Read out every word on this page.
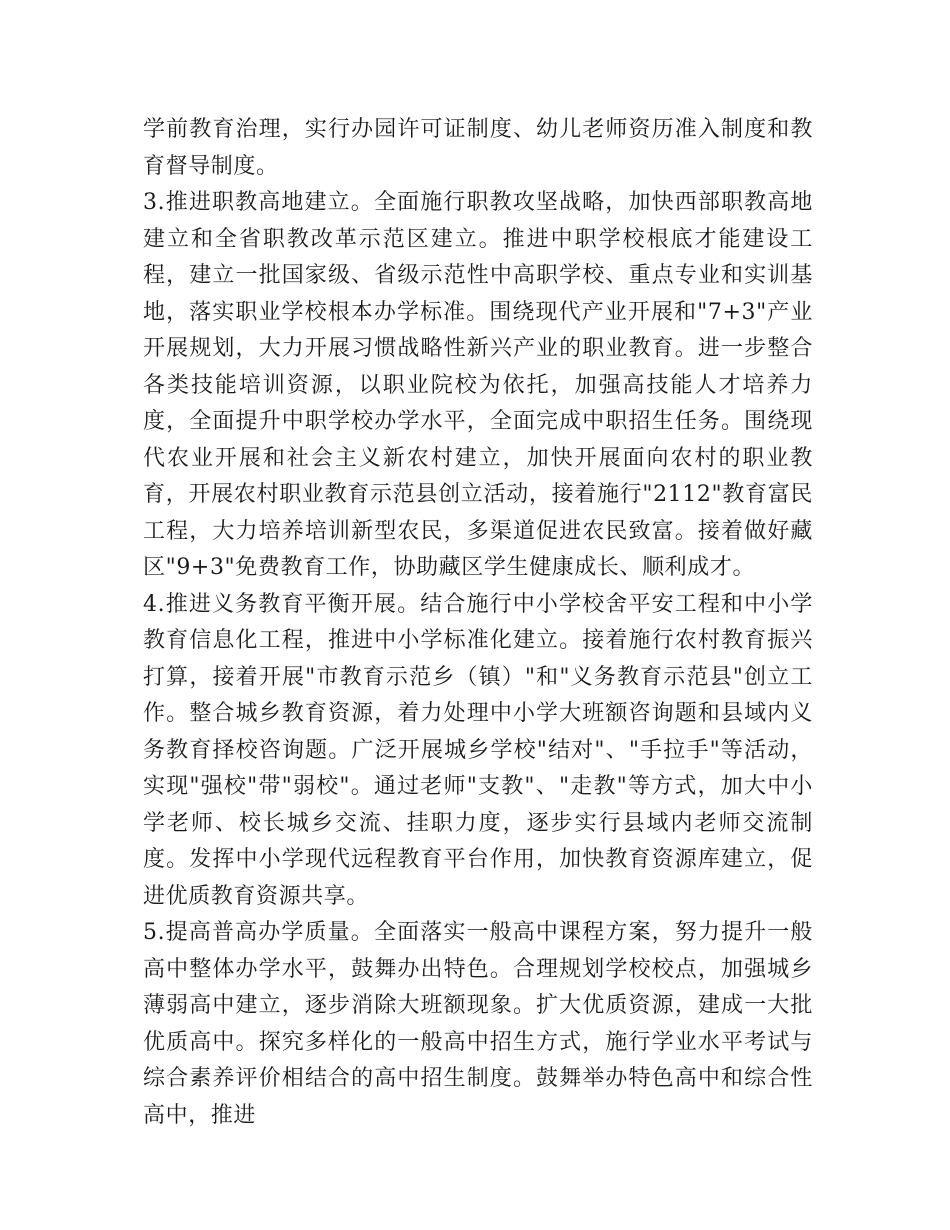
学前教育治理，实行办园许可证制度、幼儿老师资历准入制度和教育督导制度。

3.推进职教高地建立。全面施行职教攻坚战略，加快西部职教高地建立和全省职教改革示范区建立。推进中职学校根底才能建设工程，建立一批国家级、省级示范性中高职学校、重点专业和实训基地，落实职业学校根本办学标准。围绕现代产业开展和"7+3"产业开展规划，大力开展习惯战略性新兴产业的职业教育。进一步整合各类技能培训资源，以职业院校为依托，加强高技能人才培养力度，全面提升中职学校办学水平，全面完成中职招生任务。围绕现代农业开展和社会主义新农村建立，加快开展面向农村的职业教育，开展农村职业教育示范县创立活动，接着施行"2112"教育富民工程，大力培养培训新型农民，多渠道促进农民致富。接着做好藏区"9+3"免费教育工作，协助藏区学生健康成长、顺利成才。

4.推进义务教育平衡开展。结合施行中小学校舍平安工程和中小学教育信息化工程，推进中小学标准化建立。接着施行农村教育振兴打算，接着开展"市教育示范乡（镇）"和"义务教育示范县"创立工作。整合城乡教育资源，着力处理中小学大班额咨询题和县域内义务教育择校咨询题。广泛开展城乡学校"结对"、"手拉手"等活动，实现"强校"带"弱校"。通过老师"支教"、"走教"等方式，加大中小学老师、校长城乡交流、挂职力度，逐步实行县域内老师交流制度。发挥中小学现代远程教育平台作用，加快教育资源库建立，促进优质教育资源共享。

5.提高普高办学质量。全面落实一般高中课程方案，努力提升一般高中整体办学水平，鼓舞办出特色。合理规划学校校点，加强城乡薄弱高中建立，逐步消除大班额现象。扩大优质资源，建成一大批优质高中。探究多样化的一般高中招生方式，施行学业水平考试与综合素养评价相结合的高中招生制度。鼓舞举办特色高中和综合性高中，推进
